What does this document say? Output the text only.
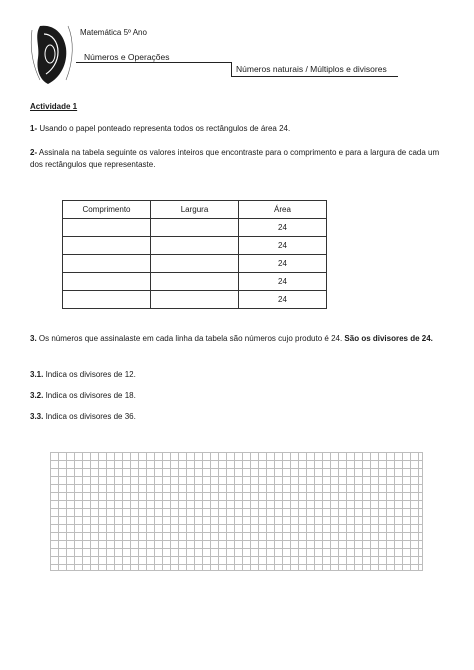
Matemática 5º Ano
Números e Operações
Números naturais / Múltiplos e divisores
Actividade 1
1- Usando o papel ponteado representa todos os rectângulos de área 24.
2- Assinala na tabela seguinte os valores inteiros que encontraste para o comprimento e para a largura de cada um dos rectângulos que representaste.
Comprimento	Largura	Área
		24
		24
		24
		24
		24
3. Os números que assinalaste em cada linha da tabela são números cujo produto é 24. São os divisores de 24.
3.1. Indica os divisores de 12.
3.2. Indica os divisores de 18.
3.3. Indica os divisores de 36.
